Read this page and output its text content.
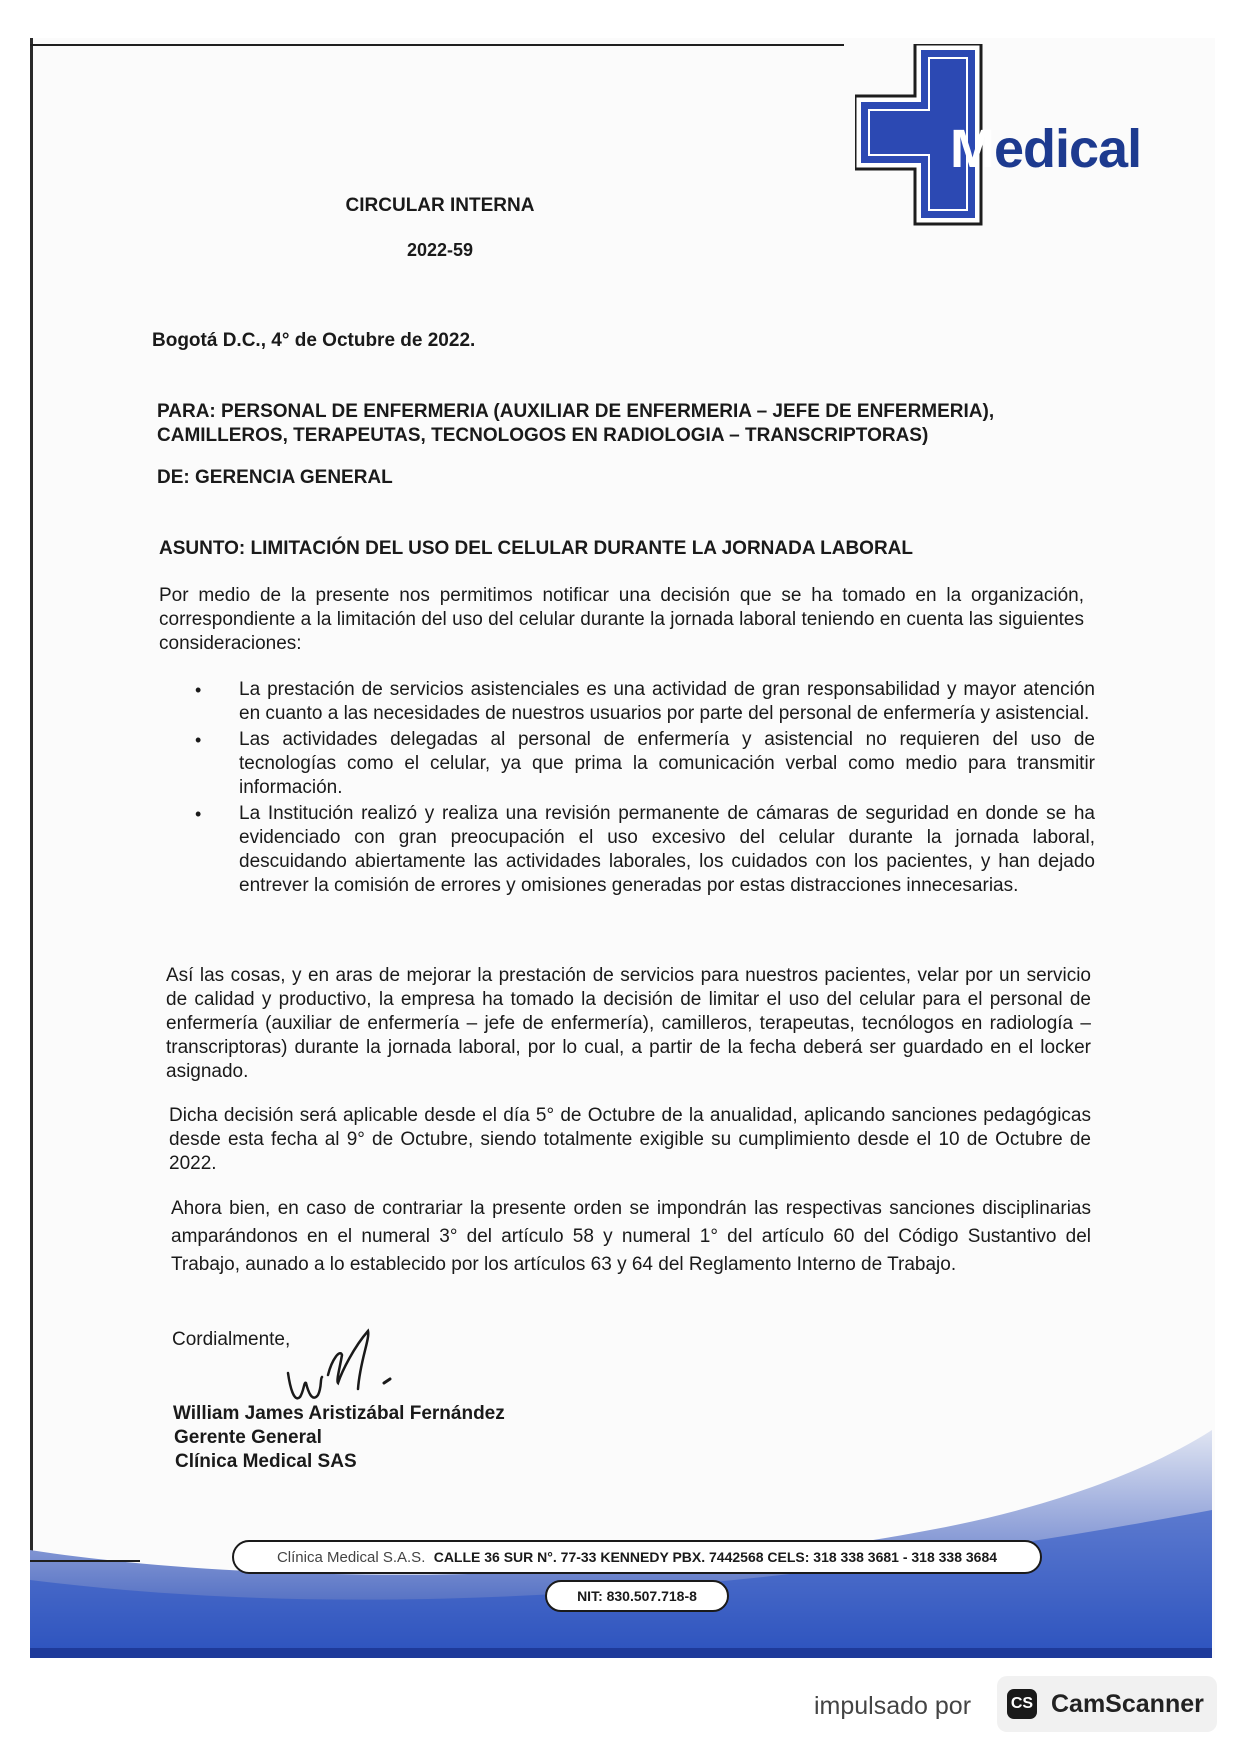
Medical
CIRCULAR INTERNA
2022-59
Bogotá D.C., 4° de Octubre de 2022.
PARA: PERSONAL DE ENFERMERIA (AUXILIAR DE ENFERMERIA – JEFE DE ENFERMERIA),
CAMILLEROS, TERAPEUTAS, TECNOLOGOS EN RADIOLOGIA – TRANSCRIPTORAS)
DE: GERENCIA GENERAL
ASUNTO: LIMITACIÓN DEL USO DEL CELULAR DURANTE LA JORNADA LABORAL
Por medio de la presente nos permitimos notificar una decisión que se ha tomado en la organización, correspondiente a la limitación del uso del celular durante la jornada laboral teniendo en cuenta las siguientes consideraciones:
• La prestación de servicios asistenciales es una actividad de gran responsabilidad y mayor atención en cuanto a las necesidades de nuestros usuarios por parte del personal de enfermería y asistencial.
• Las actividades delegadas al personal de enfermería y asistencial no requieren del uso de tecnologías como el celular, ya que prima la comunicación verbal como medio para transmitir información.
• La Institución realizó y realiza una revisión permanente de cámaras de seguridad en donde se ha evidenciado con gran preocupación el uso excesivo del celular durante la jornada laboral, descuidando abiertamente las actividades laborales, los cuidados con los pacientes, y han dejado entrever la comisión de errores y omisiones generadas por estas distracciones innecesarias.
Así las cosas, y en aras de mejorar la prestación de servicios para nuestros pacientes, velar por un servicio de calidad y productivo, la empresa ha tomado la decisión de limitar el uso del celular para el personal de enfermería (auxiliar de enfermería – jefe de enfermería), camilleros, terapeutas, tecnólogos en radiología – transcriptoras) durante la jornada laboral, por lo cual, a partir de la fecha deberá ser guardado en el locker asignado.
Dicha decisión será aplicable desde el día 5° de Octubre de la anualidad, aplicando sanciones pedagógicas desde esta fecha al 9° de Octubre, siendo totalmente exigible su cumplimiento desde el 10 de Octubre de 2022.
Ahora bien, en caso de contrariar la presente orden se impondrán las respectivas sanciones disciplinarias amparándonos en el numeral 3° del artículo 58 y numeral 1° del artículo 60 del Código Sustantivo del Trabajo, aunado a lo establecido por los artículos 63 y 64 del Reglamento Interno de Trabajo.
Cordialmente,
William James Aristizábal Fernández
Gerente General
Clínica Medical SAS
Clínica Medical S.A.S. CALLE 36 SUR N°. 77-33 KENNEDY PBX. 7442568 CELS: 318 338 3681 - 318 338 3684
NIT: 830.507.718-8
impulsado por CS CamScanner
